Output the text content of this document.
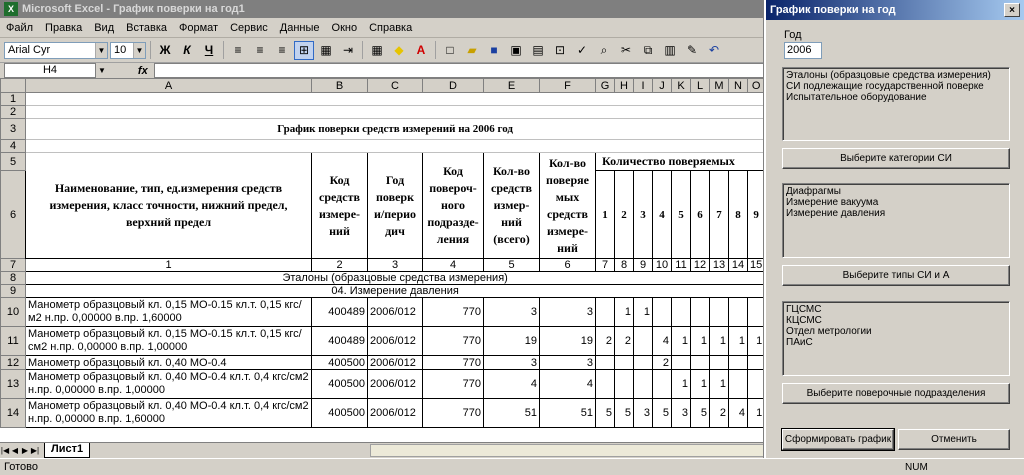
X Microsoft Excel - График поверки на год1
Файл	Правка	Вид	Вставка	Формат	Сервис	Данные	Окно	Справка
Arial Cyr	▼ 10	▼	Ж	К	Ч	≡	≡	≡	⊞ ▦ ⇥	▦ ◆	A	□	▰	■	▣ ▤ ⊡ ✓	⌕	✂	⧉	▥ ✎ ↶
H4	▼	fx
	A	B	C	D	E	F	G	H	I	J	K	L	M	N	O
1															
2															
3	График поверки средств измерений на 2006 год														
4															
5	Наименование, тип, ед.измерения средств измерения, класс точности, нижний предел, верхний предел	Код средств измере-ний	Год поверк и/перио дич	Код повероч-ного подразде-ления	Кол-во средств измер-ний (всего)	Кол-во поверяе мых средств измере-ний	Количество поверяемых								
6							1	2	3	4	5	6	7	8	9
7	1	2	3	4	5	6	7	8	9	10	11	12	13	14	15
8	Эталоны (образцовые средства измерения)														
9	04. Измерение давления														
10	Манометр образцовый кл. 0,15 МО-0.15 кл.т. 0,15 кгс/м2 н.пр. 0,00000 в.пр. 1,60000	400489	2006/012	770	3	3		1	1						
11	Манометр образцовый кл. 0,15 МО-0.15 кл.т. 0,15 кгс/см2 н.пр. 0,00000 в.пр. 1,00000	400489	2006/012	770	19	19	2	2		4	1	1	1	1	1
12	Манометр образцовый кл. 0,40 МО-0.4	400500	2006/012	770	3	3				2					
13	Манометр образцовый кл. 0,40 МО-0.4 кл.т. 0,4 кгс/см2 н.пр. 0,00000 в.пр. 1,00000	400500	2006/012	770	4	4					1	1	1		
14	Манометр образцовый кл. 0,40 МО-0.4 кл.т. 0,4 кгс/см2 н.пр. 0,00000 в.пр. 1,60000	400500	2006/012	770	51	51	5	5	3	5	3	5	2	4	1
|◀ ◀ ▶ ▶|	Лист1
Готово	NUM
График поверки на год	×
Год
2006
Эталоны (образцовые средства измерения)
СИ подлежащие государственной поверке
Испытательное оборудование
Выберите категории СИ
Диафрагмы
Измерение вакуума
Измерение давления
Выберите типы СИ и А
ГЦСМС
КЦСМС
Отдел метрологии
ПАиС
Выберите поверочные подразделения
Сформировать график	Отменить
